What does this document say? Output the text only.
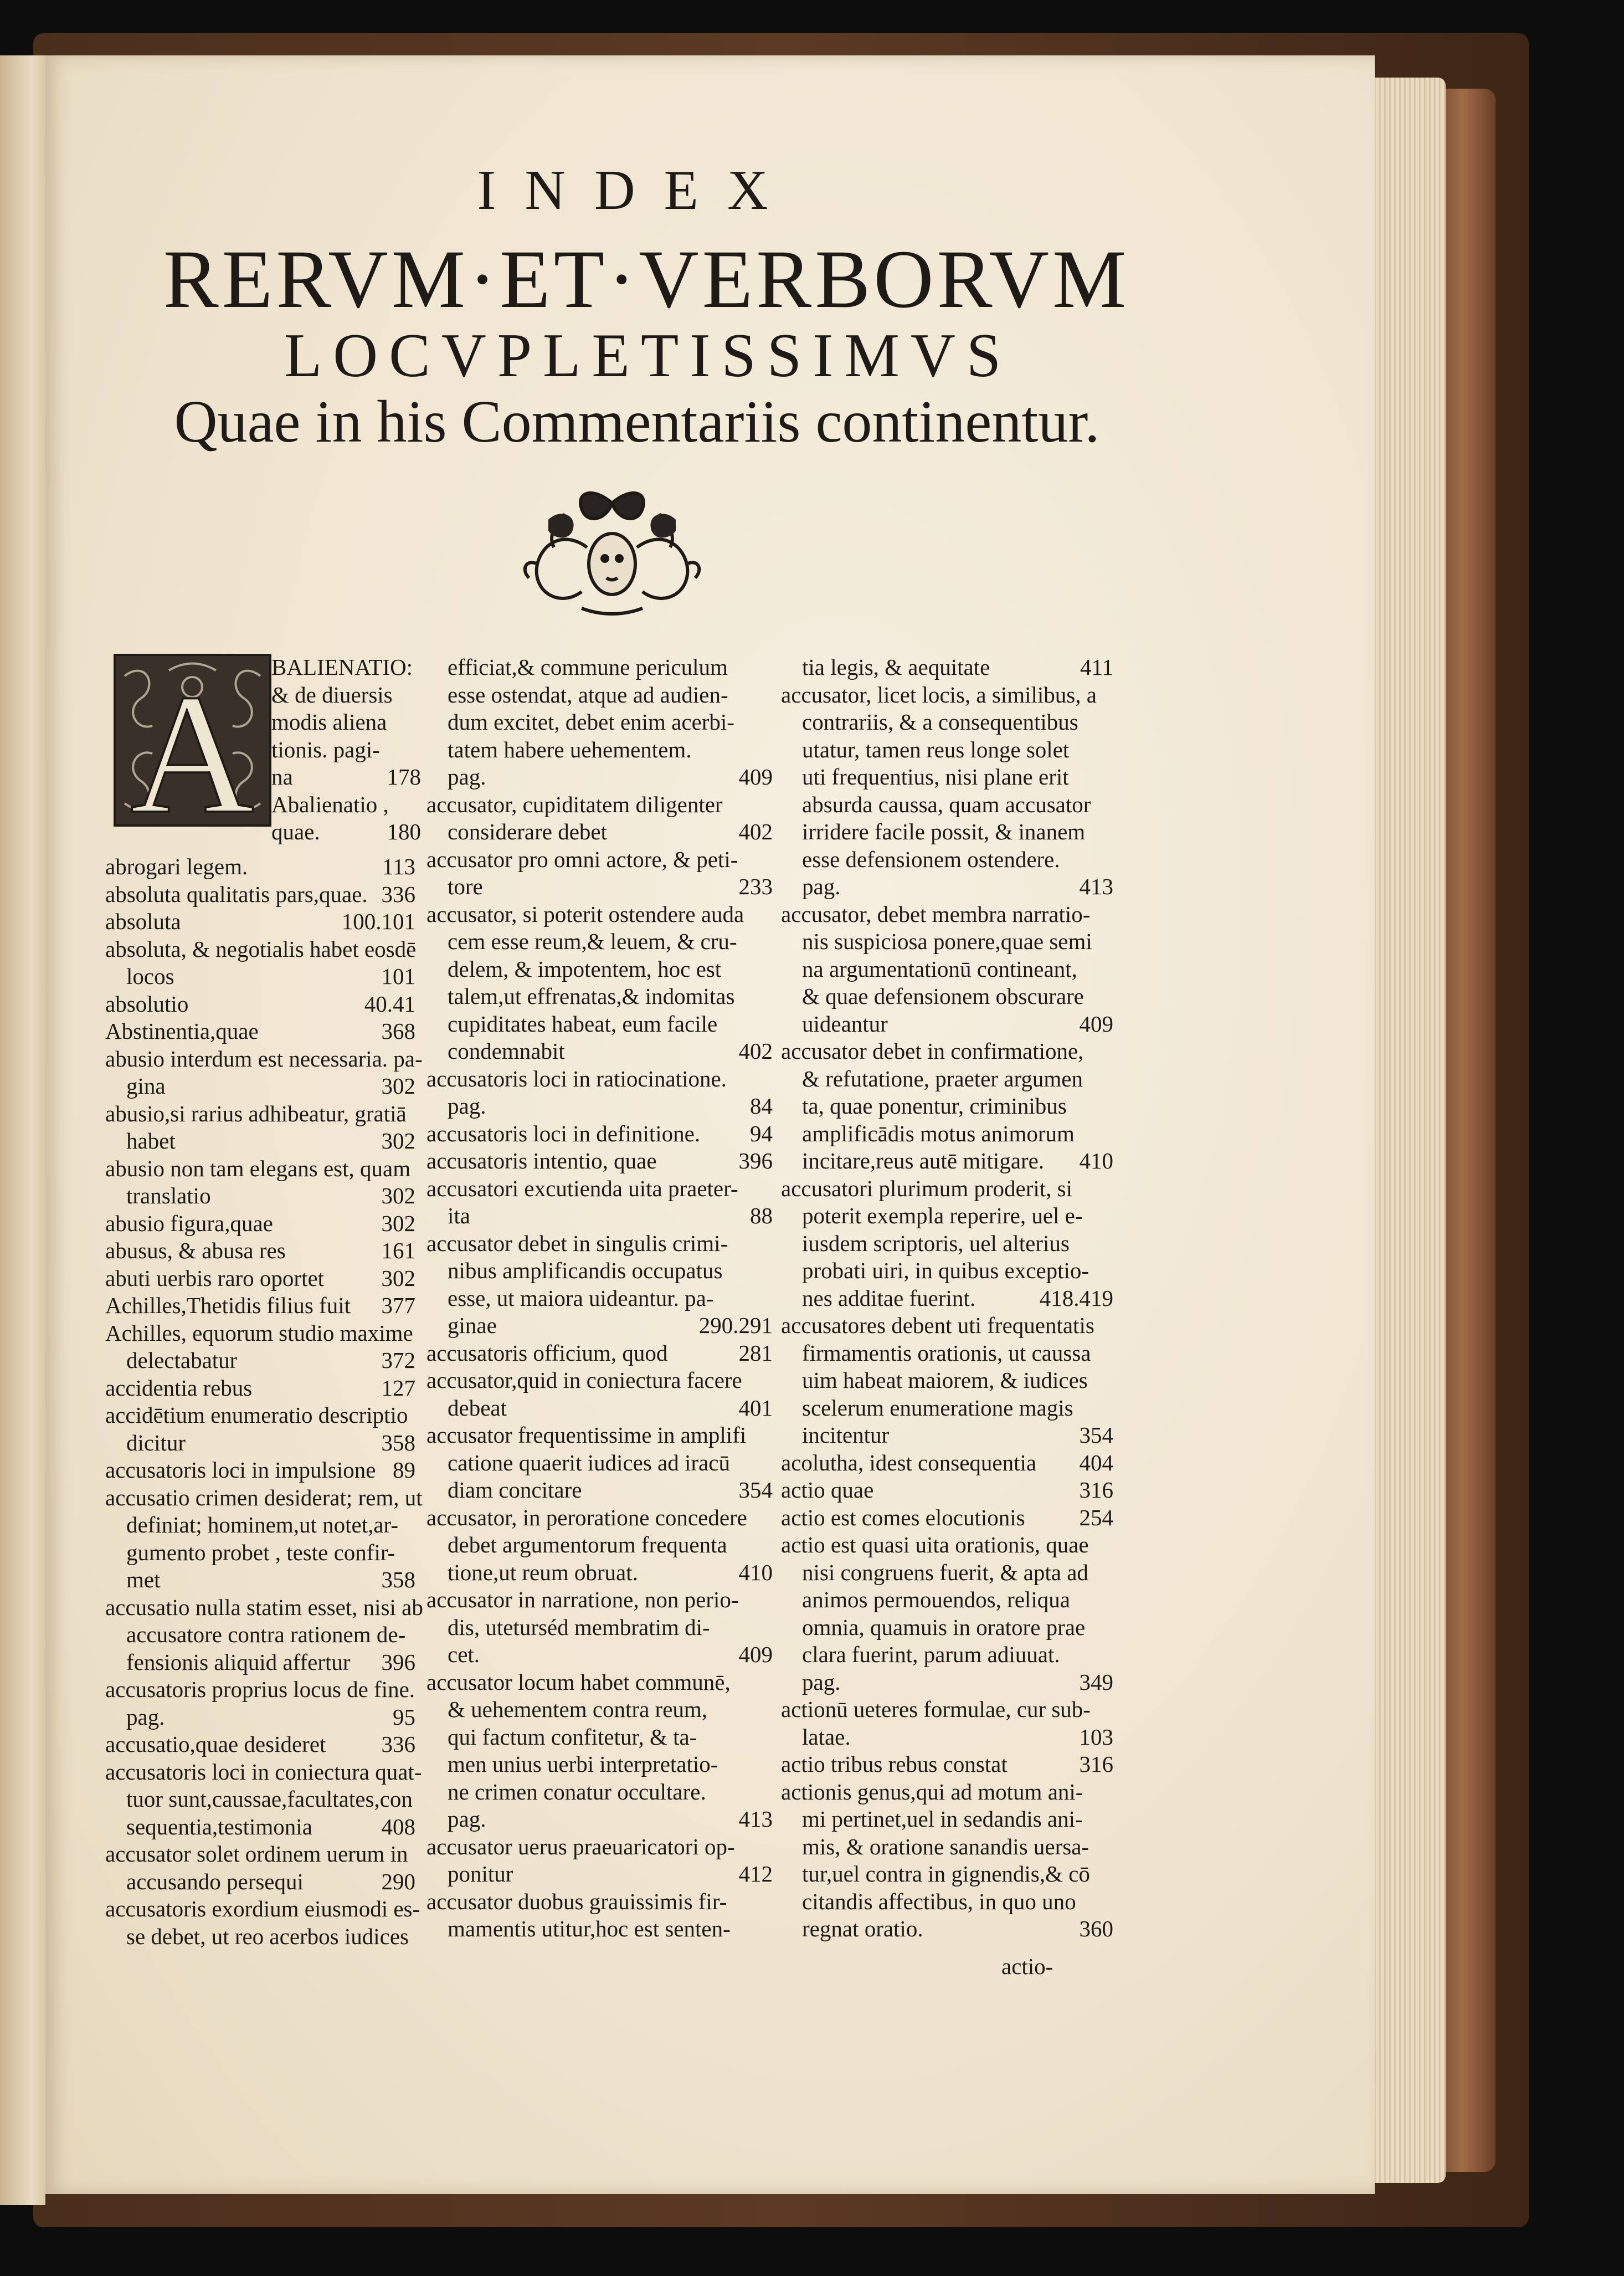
INDEX
RERVM·ET·VERBORVM
LOCVPLETISSIMVS
Quae in his Commentariis continentur.
A BALIENATIO:
& de diuersis
modis aliena
tionis. pagi-
na	178
Abalienatio ,
quae.	180
abrogari legem.	113
absoluta qualitatis pars,quae. 336
absoluta	100.101
absoluta, & negotialis habet eosdē
locos	101
absolutio	40.41
Abstinentia,quae	368
abusio interdum est necessaria. pa-
gina	302
abusio,si rarius adhibeatur, gratiā
habet	302
abusio non tam elegans est, quam
translatio	302
abusio figura,quae	302
abusus, & abusa res	161
abuti uerbis raro oportet	302
Achilles,Thetidis filius fuit 377
Achilles, equorum studio maxime
delectabatur	372
accidentia rebus	127
accidētium enumeratio descriptio
dicitur	358
accusatoris loci in impulsione 89
accusatio crimen desiderat; rem, ut
definiat; hominem,ut notet,ar-
gumento probet , teste confir-
met	358
accusatio nulla statim esset, nisi ab
accusatore contra rationem de-
fensionis aliquid affertur 396
accusatoris proprius locus de fine.
pag.	95
accusatio,quae desideret 336
accusatoris loci in coniectura quat-
tuor sunt,caussae,facultates,con
sequentia,testimonia	408
accusator solet ordinem uerum in
accusando persequi	290
accusatoris exordium eiusmodi es-
se debet, ut reo acerbos iudices
efficiat,& commune periculum
esse ostendat, atque ad audien-
dum excitet, debet enim acerbi-
tatem habere uehementem.
pag.	409
accusator, cupiditatem diligenter
considerare debet	402
accusator pro omni actore, & peti-
tore	233
accusator, si poterit ostendere auda
cem esse reum,& leuem, & cru-
delem, & impotentem, hoc est
talem,ut effrenatas,& indomitas
cupiditates habeat, eum facile
condemnabit	402
accusatoris loci in ratiocinatione.
pag.	84
accusatoris loci in definitione. 94
accusatoris intentio, quae	396
accusatori excutienda uita praeter-
ita	88
accusator debet in singulis crimi-
nibus amplificandis occupatus
esse, ut maiora uideantur. pa-
ginae	290.291
accusatoris officium, quod	281
accusator,quid in coniectura facere
debeat	401
accusator frequentissime in amplifi
catione quaerit iudices ad iracū
diam concitare	354
accusator, in peroratione concedere
debet argumentorum frequenta
tione,ut reum obruat.	410
accusator in narratione, non perio-
dis, uteturséd membratim di-
cet.	409
accusator locum habet communē,
& uehementem contra reum,
qui factum confitetur, & ta-
men unius uerbi interpretatio-
ne crimen conatur occultare.
pag.	413
accusator uerus praeuaricatori op-
ponitur	412
accusator duobus grauissimis fir-
mamentis utitur,hoc est senten-
tia legis, & aequitate	411
accusator, licet locis, a similibus, a
contrariis, & a consequentibus
utatur, tamen reus longe solet
uti frequentius, nisi plane erit
absurda caussa, quam accusator
irridere facile possit, & inanem
esse defensionem ostendere.
pag.	413
accusator, debet membra narratio-
nis suspiciosa ponere,quae semi
na argumentationū contineant,
& quae defensionem obscurare
uideantur	409
accusator debet in confirmatione,
& refutatione, praeter argumen
ta, quae ponentur, criminibus
amplificādis motus animorum
incitare,reus autē mitigare. 410
accusatori plurimum proderit, si
poterit exempla reperire, uel e-
iusdem scriptoris, uel alterius
probati uiri, in quibus exceptio-
nes additae fuerint.	418.419
accusatores debent uti frequentatis
firmamentis orationis, ut caussa
uim habeat maiorem, & iudices
scelerum enumeratione magis
incitentur	354
acolutha, idest consequentia 404
actio quae	316
actio est comes elocutionis 254
actio est quasi uita orationis, quae
nisi congruens fuerit, & apta ad
animos permouendos, reliqua
omnia, quamuis in oratore prae
clara fuerint, parum adiuuat.
pag.	349
actionū ueteres formulae, cur sub-
latae.	103
actio tribus rebus constat	316
actionis genus,qui ad motum ani-
mi pertinet,uel in sedandis ani-
mis, & oratione sanandis uersa-
tur,uel contra in gignendis,& cō
citandis affectibus, in quo uno
regnat oratio.	360
actio-
